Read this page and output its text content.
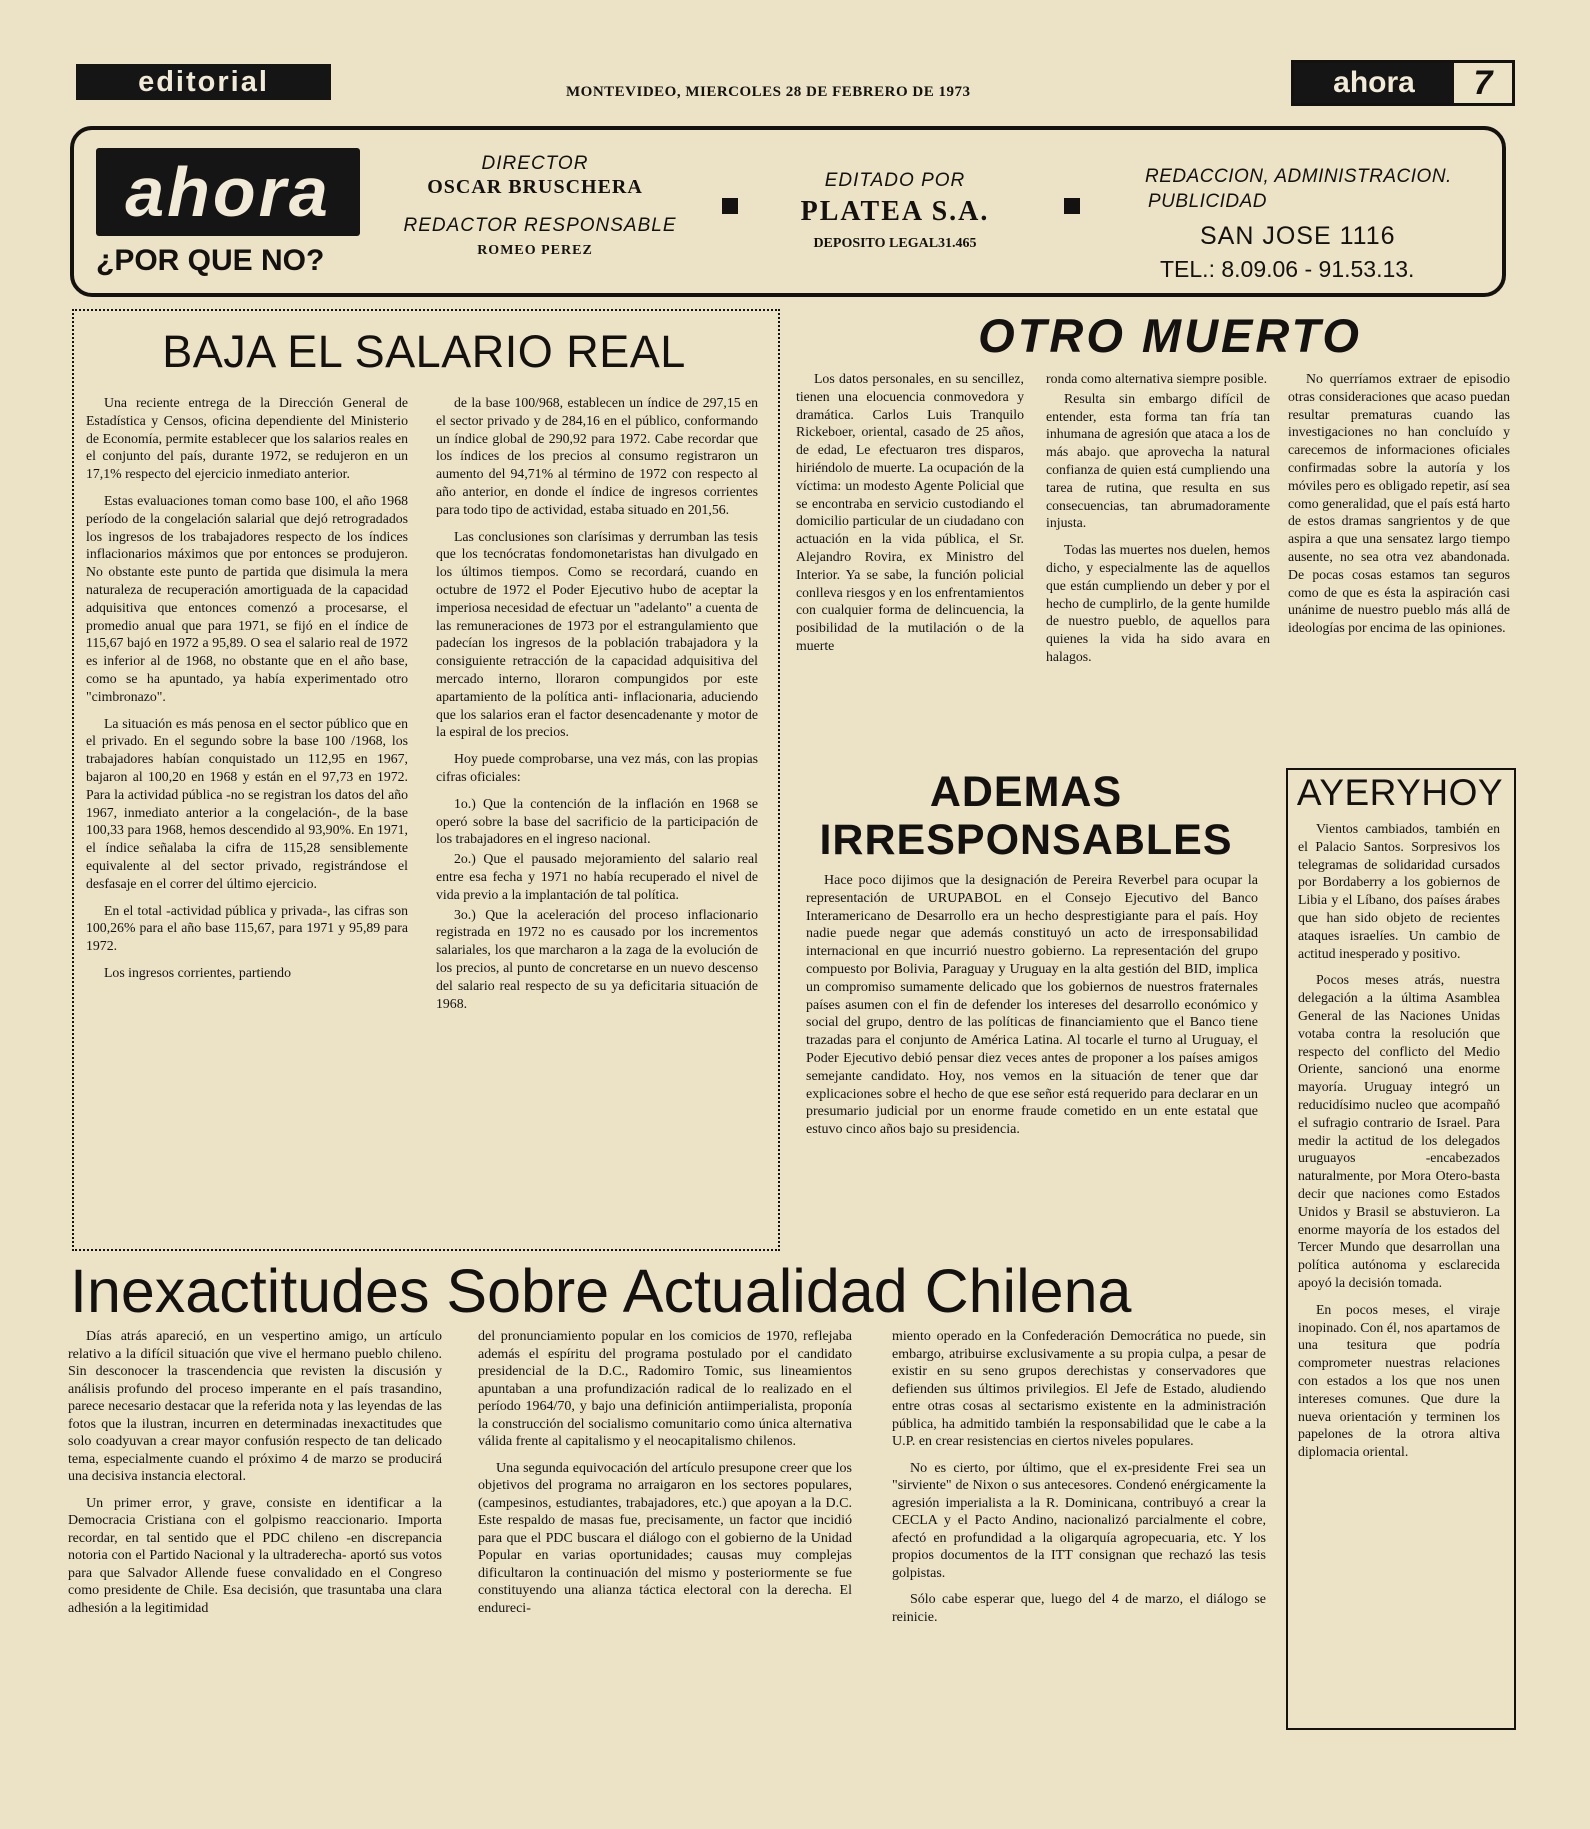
editorial	MONTEVIDEO, MIERCOLES 28 DE FEBRERO DE 1973	ahora	7
ahora
¿POR QUE NO?
DIRECTOR
OSCAR BRUSCHERA
REDACTOR RESPONSABLE
ROMEO PEREZ
EDITADO POR
PLATEA S.A.
DEPOSITO LEGAL31.465
REDACCION, ADMINISTRACION.
PUBLICIDAD
SAN JOSE 1116
TEL.: 8.09.06 - 91.53.13.
BAJA EL SALARIO REAL

Una reciente entrega de la Dirección General de Estadística y Censos, oficina dependiente del Ministerio de Economía, permite establecer que los salarios reales en el conjunto del país, durante 1972, se redujeron en un 17,1% respecto del ejercicio inmediato anterior.

Estas evaluaciones toman como base 100, el año 1968 período de la congelación salarial que dejó retrogradados los ingresos de los trabajadores respecto de los índices inflacionarios máximos que por entonces se produjeron. No obstante este punto de partida que disimula la mera naturaleza de recuperación amortiguada de la capacidad adquisitiva que entonces comenzó a procesarse, el promedio anual que para 1971, se fijó en el índice de 115,67 bajó en 1972 a 95,89. O sea el salario real de 1972 es inferior al de 1968, no obstante que en el año base, como se ha apuntado, ya había experimentado otro "cimbronazo".

La situación es más penosa en el sector público que en el privado. En el segundo sobre la base 100 /1968, los trabajadores habían conquistado un 112,95 en 1967, bajaron al 100,20 en 1968 y están en el 97,73 en 1972. Para la actividad pública -no se registran los datos del año 1967, inmediato anterior a la congelación-, de la base 100,33 para 1968, hemos descendido al 93,90%. En 1971, el índice señalaba la cifra de 115,28 sensiblemente equivalente al del sector privado, registrándose el desfasaje en el correr del último ejercicio.

En el total -actividad pública y privada-, las cifras son 100,26% para el año base 115,67, para 1971 y 95,89 para 1972.

Los ingresos corrientes, partiendo

de la base 100/968, establecen un índice de 297,15 en el sector privado y de 284,16 en el público, conformando un índice global de 290,92 para 1972. Cabe recordar que los índices de los precios al consumo registraron un aumento del 94,71% al término de 1972 con respecto al año anterior, en donde el índice de ingresos corrientes para todo tipo de actividad, estaba situado en 201,56.

Las conclusiones son clarísimas y derrumban las tesis que los tecnócratas fondomonetaristas han divulgado en los últimos tiempos. Como se recordará, cuando en octubre de 1972 el Poder Ejecutivo hubo de aceptar la imperiosa necesidad de efectuar un "adelanto" a cuenta de las remuneraciones de 1973 por el estrangulamiento que padecían los ingresos de la población trabajadora y la consiguiente retracción de la capacidad adquisitiva del mercado interno, lloraron compungidos por este apartamiento de la política anti- inflacionaria, aduciendo que los salarios eran el factor desencadenante y motor de la espiral de los precios.

Hoy puede comprobarse, una vez más, con las propias cifras oficiales:

1o.) Que la contención de la inflación en 1968 se operó sobre la base del sacrificio de la participación de los trabajadores en el ingreso nacional.

2o.) Que el pausado mejoramiento del salario real entre esa fecha y 1971 no había recuperado el nivel de vida previo a la implantación de tal política.

3o.) Que la aceleración del proceso inflacionario registrada en 1972 no es causado por los incrementos salariales, los que marcharon a la zaga de la evolución de los precios, al punto de concretarse en un nuevo descenso del salario real respecto de su ya deficitaria situación de 1968.

OTRO MUERTO

Los datos personales, en su sencillez, tienen una elocuencia conmovedora y dramática. Carlos Luis Tranquilo Rickeboer, oriental, casado de 25 años, de edad, Le efectuaron tres disparos, hiriéndolo de muerte. La ocupación de la víctima: un modesto Agente Policial que se encontraba en servicio custodiando el domicilio particular de un ciudadano con actuación en la vida pública, el Sr. Alejandro Rovira, ex Ministro del Interior. Ya se sabe, la función policial conlleva riesgos y en los enfrentamientos con cualquier forma de delincuencia, la posibilidad de la mutilación o de la muerte

ronda como alternativa siempre posible.

Resulta sin embargo difícil de entender, esta forma tan fría tan inhumana de agresión que ataca a los de más abajo. que aprovecha la natural confianza de quien está cumpliendo una tarea de rutina, que resulta en sus consecuencias, tan abrumadoramente injusta.

Todas las muertes nos duelen, hemos dicho, y especialmente las de aquellos que están cumpliendo un deber y por el hecho de cumplirlo, de la gente humilde de nuestro pueblo, de aquellos para quienes la vida ha sido avara en halagos.

No querríamos extraer de episodio otras consideraciones que acaso puedan resultar prematuras cuando las investigaciones no han concluído y carecemos de informaciones oficiales confirmadas sobre la autoría y los móviles pero es obligado repetir, así sea como generalidad, que el país está harto de estos dramas sangrientos y de que aspira a que una sensatez largo tiempo ausente, no sea otra vez abandonada. De pocas cosas estamos tan seguros como de que es ésta la aspiración casi unánime de nuestro pueblo más allá de ideologías por encima de las opiniones.

ADEMAS
IRRESPONSABLES

Hace poco dijimos que la designación de Pereira Reverbel para ocupar la representación de URUPABOL en el Consejo Ejecutivo del Banco Interamericano de Desarrollo era un hecho desprestigiante para el país. Hoy nadie puede negar que además constituyó un acto de irresponsabilidad internacional en que incurrió nuestro gobierno. La representación del grupo compuesto por Bolivia, Paraguay y Uruguay en la alta gestión del BID, implica un compromiso sumamente delicado que los gobiernos de nuestros fraternales países asumen con el fin de defender los intereses del desarrollo económico y social del grupo, dentro de las políticas de financiamiento que el Banco tiene trazadas para el conjunto de América Latina. Al tocarle el turno al Uruguay, el Poder Ejecutivo debió pensar diez veces antes de proponer a los países amigos semejante candidato. Hoy, nos vemos en la situación de tener que dar explicaciones sobre el hecho de que ese señor está requerido para declarar en un presumario judicial por un enorme fraude cometido en un ente estatal que estuvo cinco años bajo su presidencia.

AYERYHOY

Vientos cambiados, también en el Palacio Santos. Sorpresivos los telegramas de solidaridad cursados por Bordaberry a los gobiernos de Libia y el Líbano, dos países árabes que han sido objeto de recientes ataques israelíes. Un cambio de actitud inesperado y positivo.

Pocos meses atrás, nuestra delegación a la última Asamblea General de las Naciones Unidas votaba contra la resolución que respecto del conflicto del Medio Oriente, sancionó una enorme mayoría. Uruguay integró un reducidísimo nucleo que acompañó el sufragio contrario de Israel. Para medir la actitud de los delegados uruguayos -encabezados naturalmente, por Mora Otero-basta decir que naciones como Estados Unidos y Brasil se abstuvieron. La enorme mayoría de los estados del Tercer Mundo que desarrollan una política autónoma y esclarecida apoyó la decisión tomada.

En pocos meses, el viraje inopinado. Con él, nos apartamos de una tesitura que podría comprometer nuestras relaciones con estados a los que nos unen intereses comunes. Que dure la nueva orientación y terminen los papelones de la otrora altiva diplomacia oriental.

Inexactitudes Sobre Actualidad Chilena

Días atrás apareció, en un vespertino amigo, un artículo relativo a la difícil situación que vive el hermano pueblo chileno. Sin desconocer la trascendencia que revisten la discusión y análisis profundo del proceso imperante en el país trasandino, parece necesario destacar que la referida nota y las leyendas de las fotos que la ilustran, incurren en determinadas inexactitudes que solo coadyuvan a crear mayor confusión respecto de tan delicado tema, especialmente cuando el próximo 4 de marzo se producirá una decisiva instancia electoral.

Un primer error, y grave, consiste en identificar a la Democracia Cristiana con el golpismo reaccionario. Importa recordar, en tal sentido que el PDC chileno -en discrepancia notoria con el Partido Nacional y la ultraderecha- aportó sus votos para que Salvador Allende fuese convalidado en el Congreso como presidente de Chile. Esa decisión, que trasuntaba una clara adhesión a la legitimidad

del pronunciamiento popular en los comicios de 1970, reflejaba además el espíritu del programa postulado por el candidato presidencial de la D.C., Radomiro Tomic, sus lineamientos apuntaban a una profundización radical de lo realizado en el período 1964/70, y bajo una definición antiimperialista, proponía la construcción del socialismo comunitario como única alternativa válida frente al capitalismo y el neocapitalismo chilenos.

Una segunda equivocación del artículo presupone creer que los objetivos del programa no arraigaron en los sectores populares, (campesinos, estudiantes, trabajadores, etc.) que apoyan a la D.C. Este respaldo de masas fue, precisamente, un factor que incidió para que el PDC buscara el diálogo con el gobierno de la Unidad Popular en varias oportunidades; causas muy complejas dificultaron la continuación del mismo y posteriormente se fue constituyendo una alianza táctica electoral con la derecha. El endureci-

miento operado en la Confederación Democrática no puede, sin embargo, atribuirse exclusivamente a su propia culpa, a pesar de existir en su seno grupos derechistas y conservadores que defienden sus últimos privilegios. El Jefe de Estado, aludiendo entre otras cosas al sectarismo existente en la administración pública, ha admitido también la responsabilidad que le cabe a la U.P. en crear resistencias en ciertos niveles populares.

No es cierto, por último, que el ex-presidente Frei sea un "sirviente" de Nixon o sus antecesores. Condenó enérgicamente la agresión imperialista a la R. Dominicana, contribuyó a crear la CECLA y el Pacto Andino, nacionalizó parcialmente el cobre, afectó en profundidad a la oligarquía agropecuaria, etc. Y los propios documentos de la ITT consignan que rechazó las tesis golpistas.

Sólo cabe esperar que, luego del 4 de marzo, el diálogo se reinicie.
